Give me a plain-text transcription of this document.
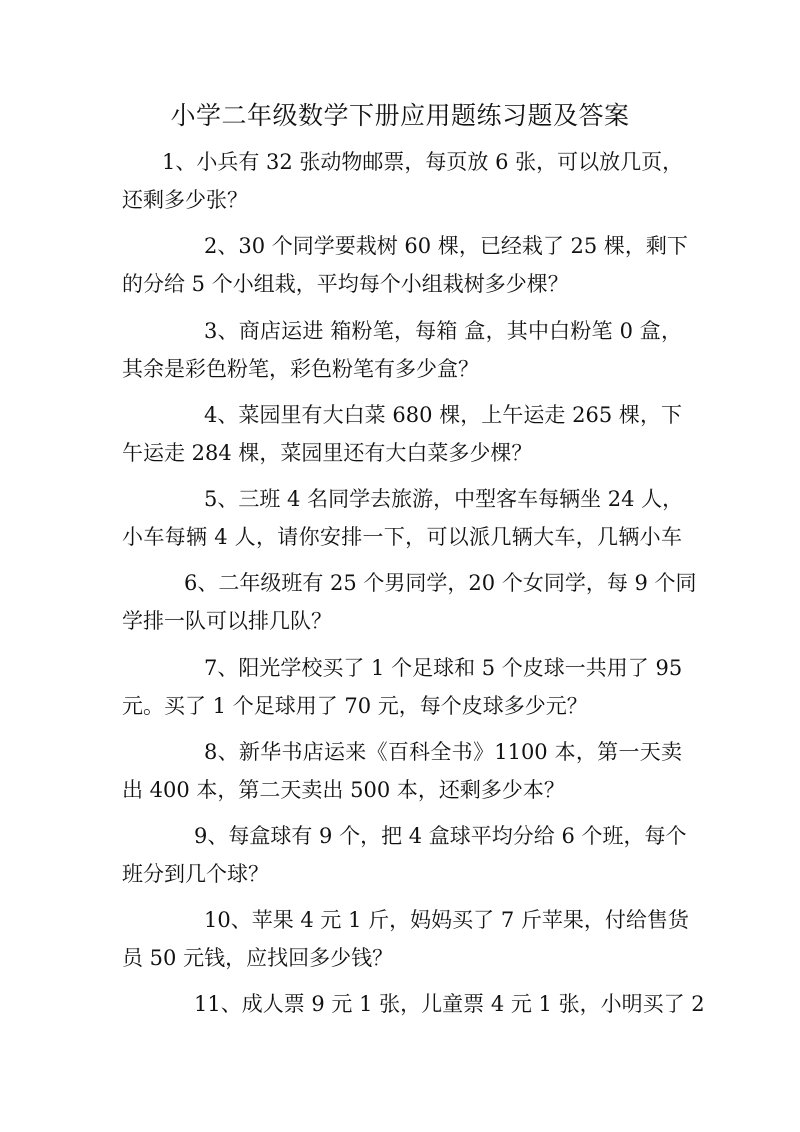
小学二年级数学下册应用题练习题及答案
1、小兵有 32 张动物邮票，每页放 6 张，可以放几页，
还剩多少张？
2、30 个同学要栽树 60 棵，已经栽了 25 棵，剩下
的分给 5 个小组栽，平均每个小组栽树多少棵？
3、商店运进 箱粉笔，每箱 盒，其中白粉笔 0 盒，
其余是彩色粉笔，彩色粉笔有多少盒？
4、菜园里有大白菜 680 棵，上午运走 265 棵，下
午运走 284 棵，菜园里还有大白菜多少棵？
5、三班 4 名同学去旅游，中型客车每辆坐 24 人，
小车每辆 4 人，请你安排一下，可以派几辆大车，几辆小车
6、二年级班有 25 个男同学，20 个女同学，每 9 个同
学排一队可以排几队？
7、阳光学校买了 1 个足球和 5 个皮球一共用了 95
元。买了 1 个足球用了 70 元，每个皮球多少元？
8、新华书店运来《百科全书》1100 本，第一天卖
出 400 本，第二天卖出 500 本，还剩多少本？
9、每盒球有 9 个，把 4 盒球平均分给 6 个班，每个
班分到几个球？
10、苹果 4 元 1 斤，妈妈买了 7 斤苹果，付给售货
员 50 元钱，应找回多少钱？
11、成人票 9 元 1 张，儿童票 4 元 1 张，小明买了 2
